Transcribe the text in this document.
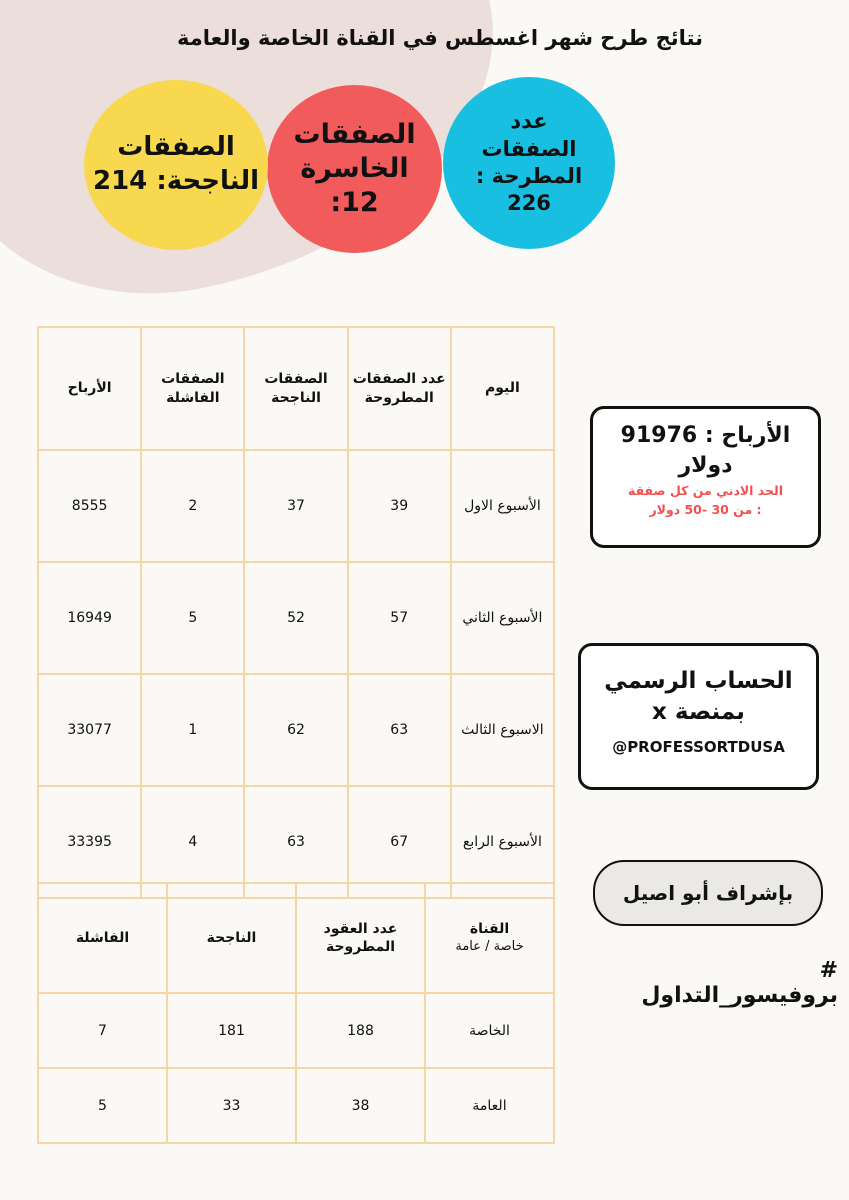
نتائج طرح شهر اغسطس في القناة الخاصة والعامة
عدد
الصفقات
المطرحة :
226
الصفقات
الخاسرة
12:
الصفقات
الناجحة: 214
اليوم	عدد الصفقات المطروحة	الصفقات الناجحة	الصفقات الفاشلة	الأرباح
الأسبوع الاول	39	37	2	8555
الأسبوع الثاني	57	52	5	16949
الاسبوع الثالث	63	62	1	33077
الأسبوع الرابع	67	63	4	33395
القناة
خاصة / عامة	عدد العقود المطروحة	الناجحة	الفاشلة
الخاصة	188	181	7
العامة	38	33	5
الأرباح : 91976
دولار
الحد الادني من كل صفقة
: من 30 -50 دولار
الحساب الرسمي
بمنصة x
@PROFESSORTDUSA
بإشراف أبو اصيل
# بروفيسور_التداول
